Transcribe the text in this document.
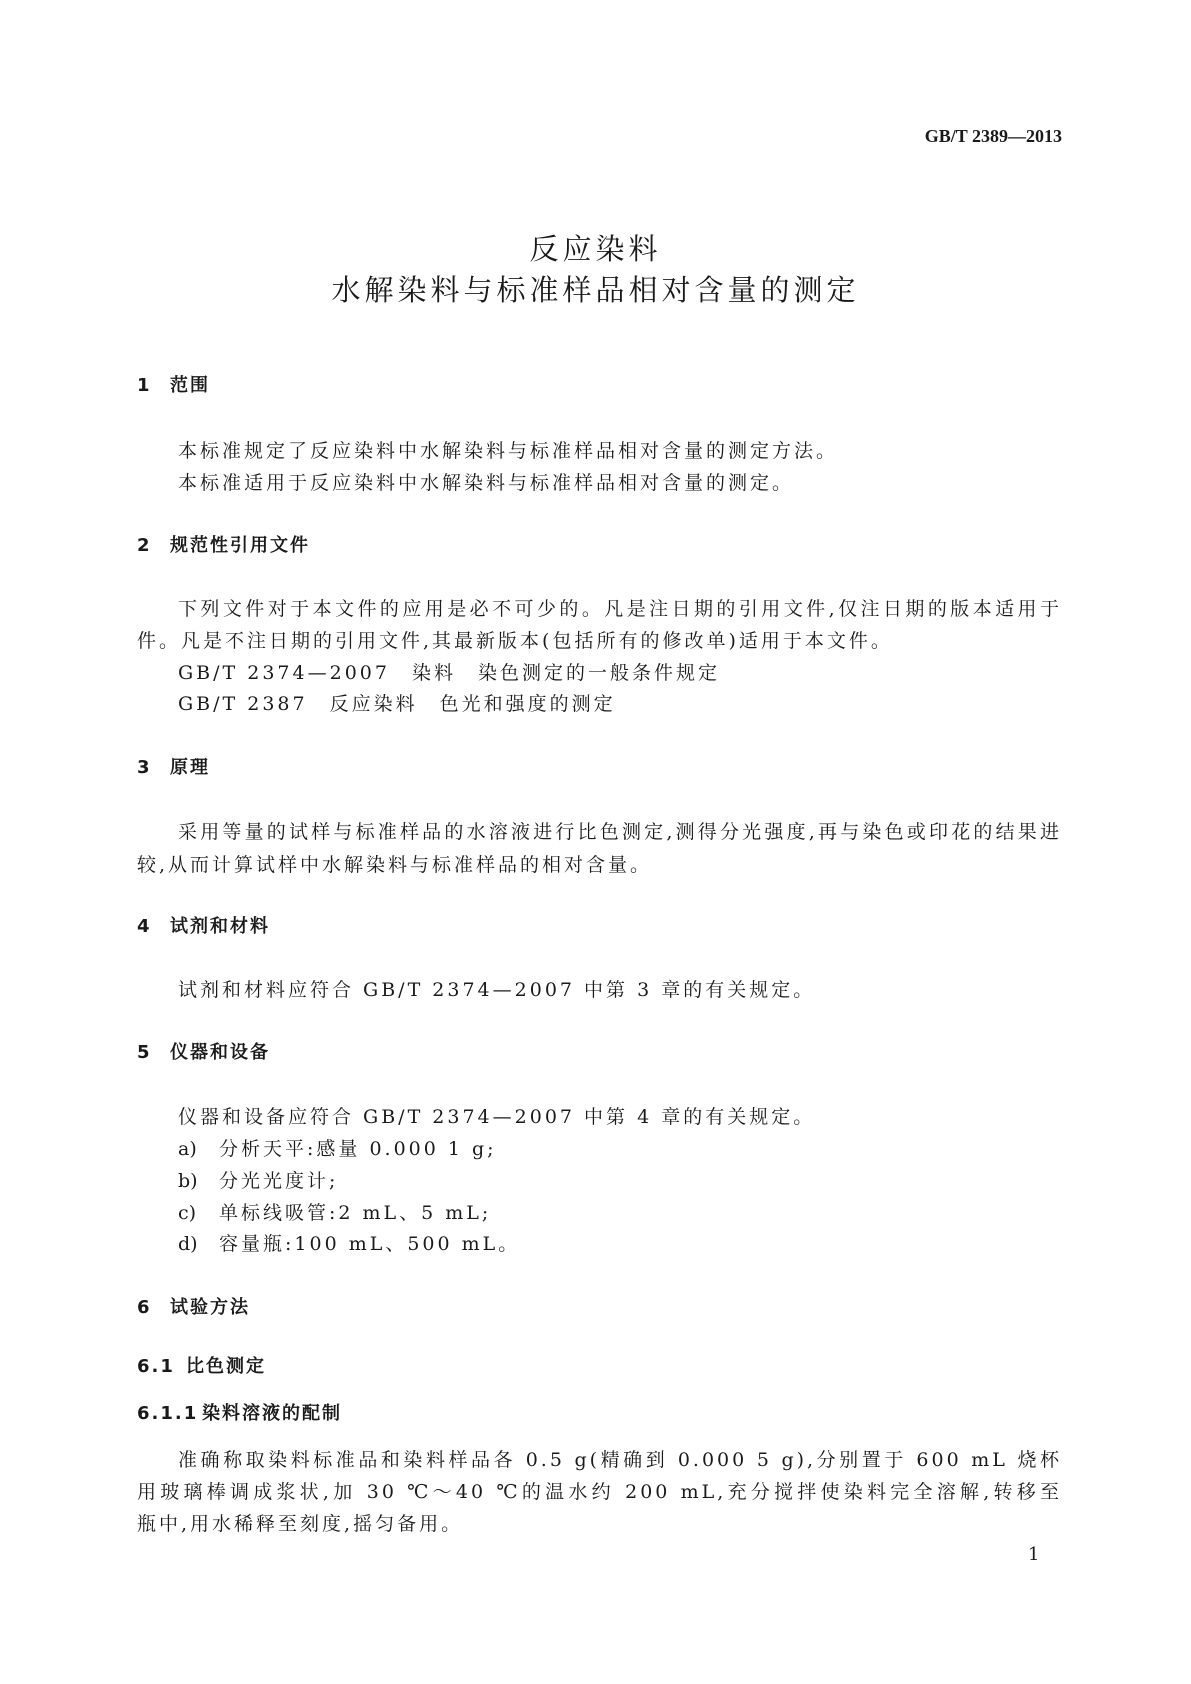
GB/T 2389—2013
反应染料
水解染料与标准样品相对含量的测定
1 范围
本标准规定了反应染料中水解染料与标准样品相对含量的测定方法。
本标准适用于反应染料中水解染料与标准样品相对含量的测定。
2 规范性引用文件
下列文件对于本文件的应用是必不可少的。凡是注日期的引用文件,仅注日期的版本适用于
件。凡是不注日期的引用文件,其最新版本(包括所有的修改单)适用于本文件。
GB/T 2374—2007　染料　染色测定的一般条件规定
GB/T 2387　反应染料　色光和强度的测定
3 原理
采用等量的试样与标准样品的水溶液进行比色测定,测得分光强度,再与染色或印花的结果进
较,从而计算试样中水解染料与标准样品的相对含量。
4 试剂和材料
试剂和材料应符合 GB/T 2374—2007 中第 3 章的有关规定。
5 仪器和设备
仪器和设备应符合 GB/T 2374—2007 中第 4 章的有关规定。
a) 分析天平:感量 0.000 1 g;
b) 分光光度计;
c) 单标线吸管:2 mL、5 mL;
d) 容量瓶:100 mL、500 mL。
6 试验方法
6.1 比色测定
6.1.1 染料溶液的配制
准确称取染料标准品和染料样品各 0.5 g(精确到 0.000 5 g),分别置于 600 mL 烧杯
用玻璃棒调成浆状,加 30 ℃～40 ℃的温水约 200 mL,充分搅拌使染料完全溶解,转移至
瓶中,用水稀释至刻度,摇匀备用。
1
